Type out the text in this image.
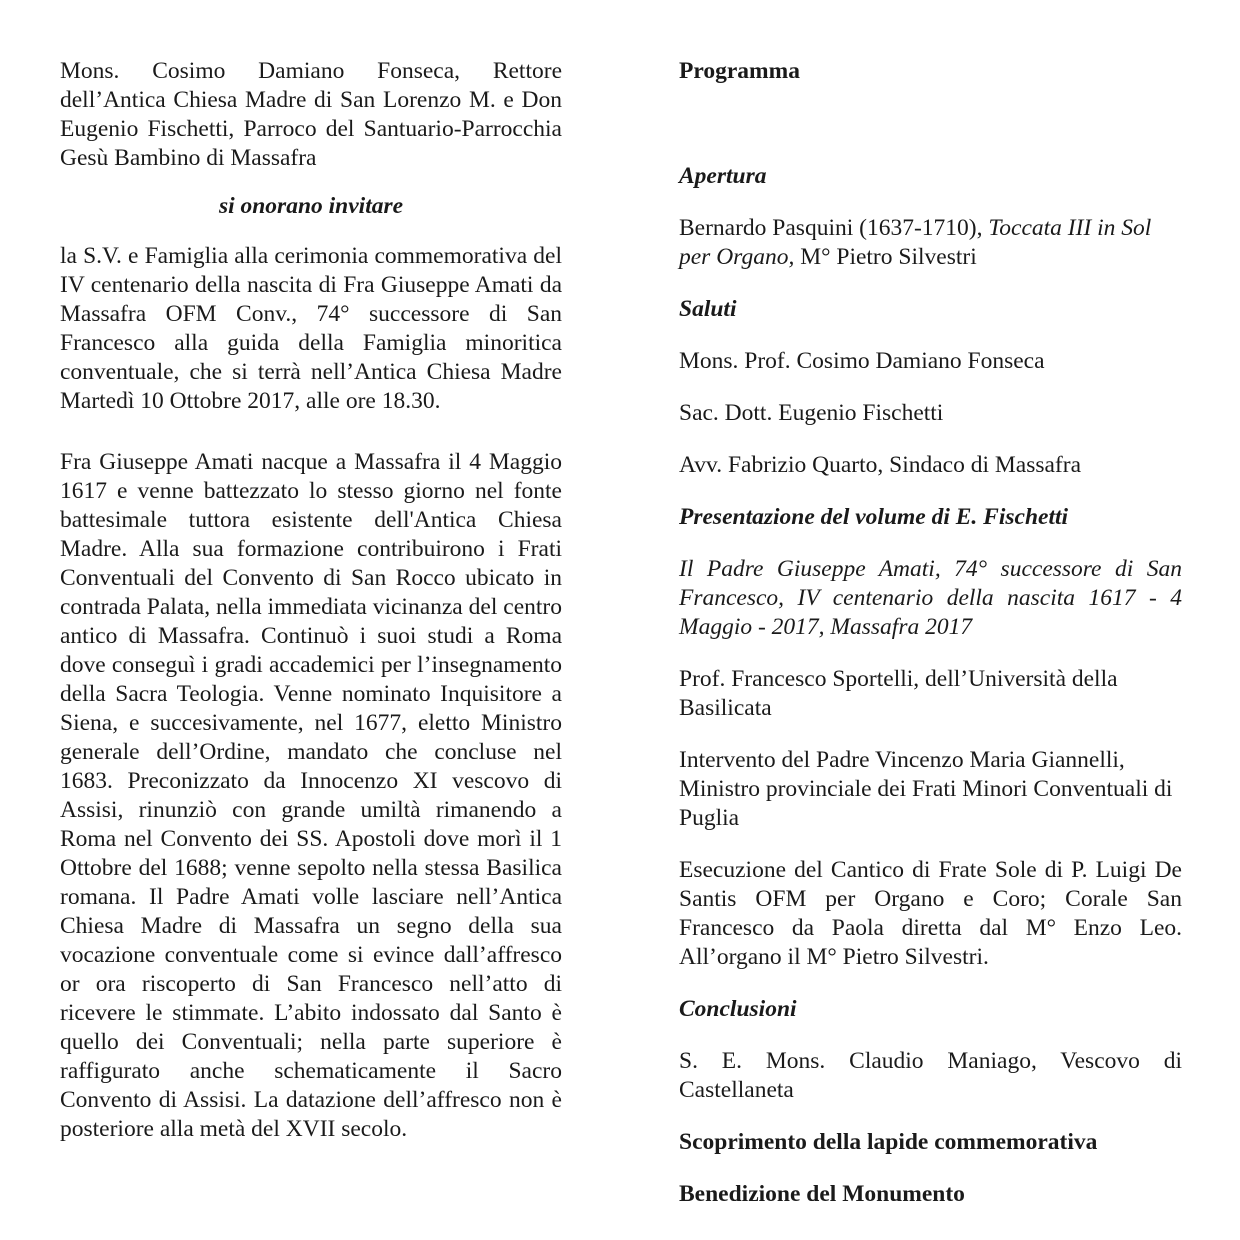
Mons. Cosimo Damiano Fonseca, Rettore dell’Antica Chiesa Madre di San Lorenzo M. e Don Eugenio Fischetti, Parroco del Santuario-Parrocchia Gesù Bambino di Massafra

si onorano invitare

la S.V. e Famiglia alla cerimonia commemorativa del IV centenario della nascita di Fra Giuseppe Amati da Massafra OFM Conv., 74° successore di San Francesco alla guida della Famiglia minoritica conventuale, che si terrà nell’Antica Chiesa Madre Martedì 10 Ottobre 2017, alle ore 18.30.

Fra Giuseppe Amati nacque a Massafra il 4 Maggio 1617 e venne battezzato lo stesso giorno nel fonte battesimale tuttora esistente dell'Antica Chiesa Madre. Alla sua formazione contribuirono i Frati Conventuali del Convento di San Rocco ubicato in contrada Palata, nella immediata vicinanza del centro antico di Massafra. Continuò i suoi studi a Roma dove conseguì i gradi accademici per l’insegnamento della Sacra Teologia. Venne nominato Inquisitore a Siena, e succesivamente, nel 1677, eletto Ministro generale dell’Ordine, mandato che concluse nel 1683. Preconizzato da Innocenzo XI vescovo di Assisi, rinunziò con grande umiltà rimanendo a Roma nel Convento dei SS. Apostoli dove morì il 1 Ottobre del 1688; venne sepolto nella stessa Basilica romana. Il Padre Amati volle lasciare nell’Antica Chiesa Madre di Massafra un segno della sua vocazione conventuale come si evince dall’affresco or ora riscoperto di San Francesco nell’atto di ricevere le stimmate. L’abito indossato dal Santo è quello dei Conventuali; nella parte superiore è raffigurato anche schematicamente il Sacro Convento di Assisi. La datazione dell’affresco non è posteriore alla metà del XVII secolo.

Programma

Apertura

Bernardo Pasquini (1637-1710), Toccata III in Sol per Organo, M° Pietro Silvestri

Saluti

Mons. Prof. Cosimo Damiano Fonseca

Sac. Dott. Eugenio Fischetti

Avv. Fabrizio Quarto, Sindaco di Massafra

Presentazione del volume di E. Fischetti

Il Padre Giuseppe Amati, 74° successore di San Francesco, IV centenario della nascita 1617 - 4 Maggio - 2017, Massafra 2017

Prof. Francesco Sportelli, dell’Università della Basilicata

Intervento del Padre Vincenzo Maria Giannelli, Ministro provinciale dei Frati Minori Conventuali di Puglia

Esecuzione del Cantico di Frate Sole di P. Luigi De Santis OFM per Organo e Coro; Corale San Francesco da Paola diretta dal M° Enzo Leo. All’organo il M° Pietro Silvestri.

Conclusioni

S. E. Mons. Claudio Maniago, Vescovo di Castellaneta

Scoprimento della lapide commemorativa

Benedizione del Monumento
